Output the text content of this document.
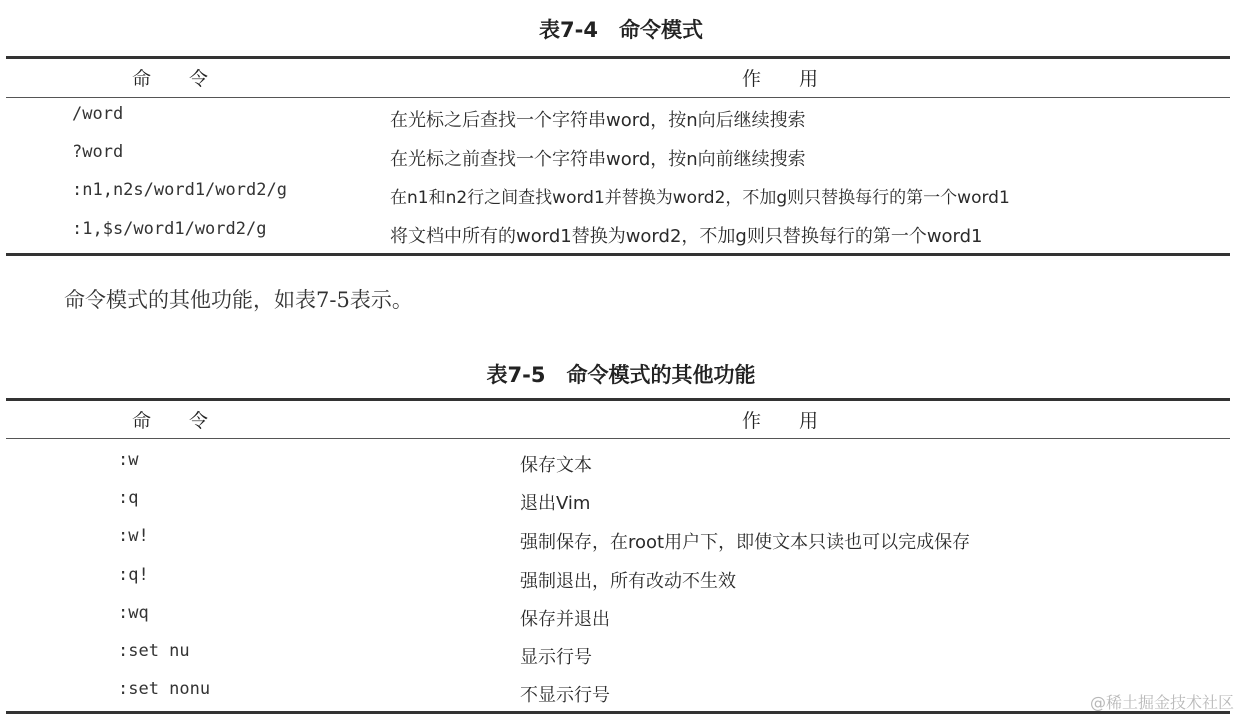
表7-4　命令模式
命　　令	作　　用
/word	在光标之后查找一个字符串word，按n向后继续搜索
?word	在光标之前查找一个字符串word，按n向前继续搜索
:n1,n2s/word1/word2/g	在n1和n2行之间查找word1并替换为word2，不加g则只替换每行的第一个word1
:1,$s/word1/word2/g	将文档中所有的word1替换为word2，不加g则只替换每行的第一个word1
命令模式的其他功能，如表7-5表示。
表7-5　命令模式的其他功能
命　　令	作　　用
:w	保存文本
:q	退出Vim
:w!	强制保存，在root用户下，即使文本只读也可以完成保存
:q!	强制退出，所有改动不生效
:wq	保存并退出
:set nu	显示行号
:set nonu	不显示行号	@稀土掘金技术社区
